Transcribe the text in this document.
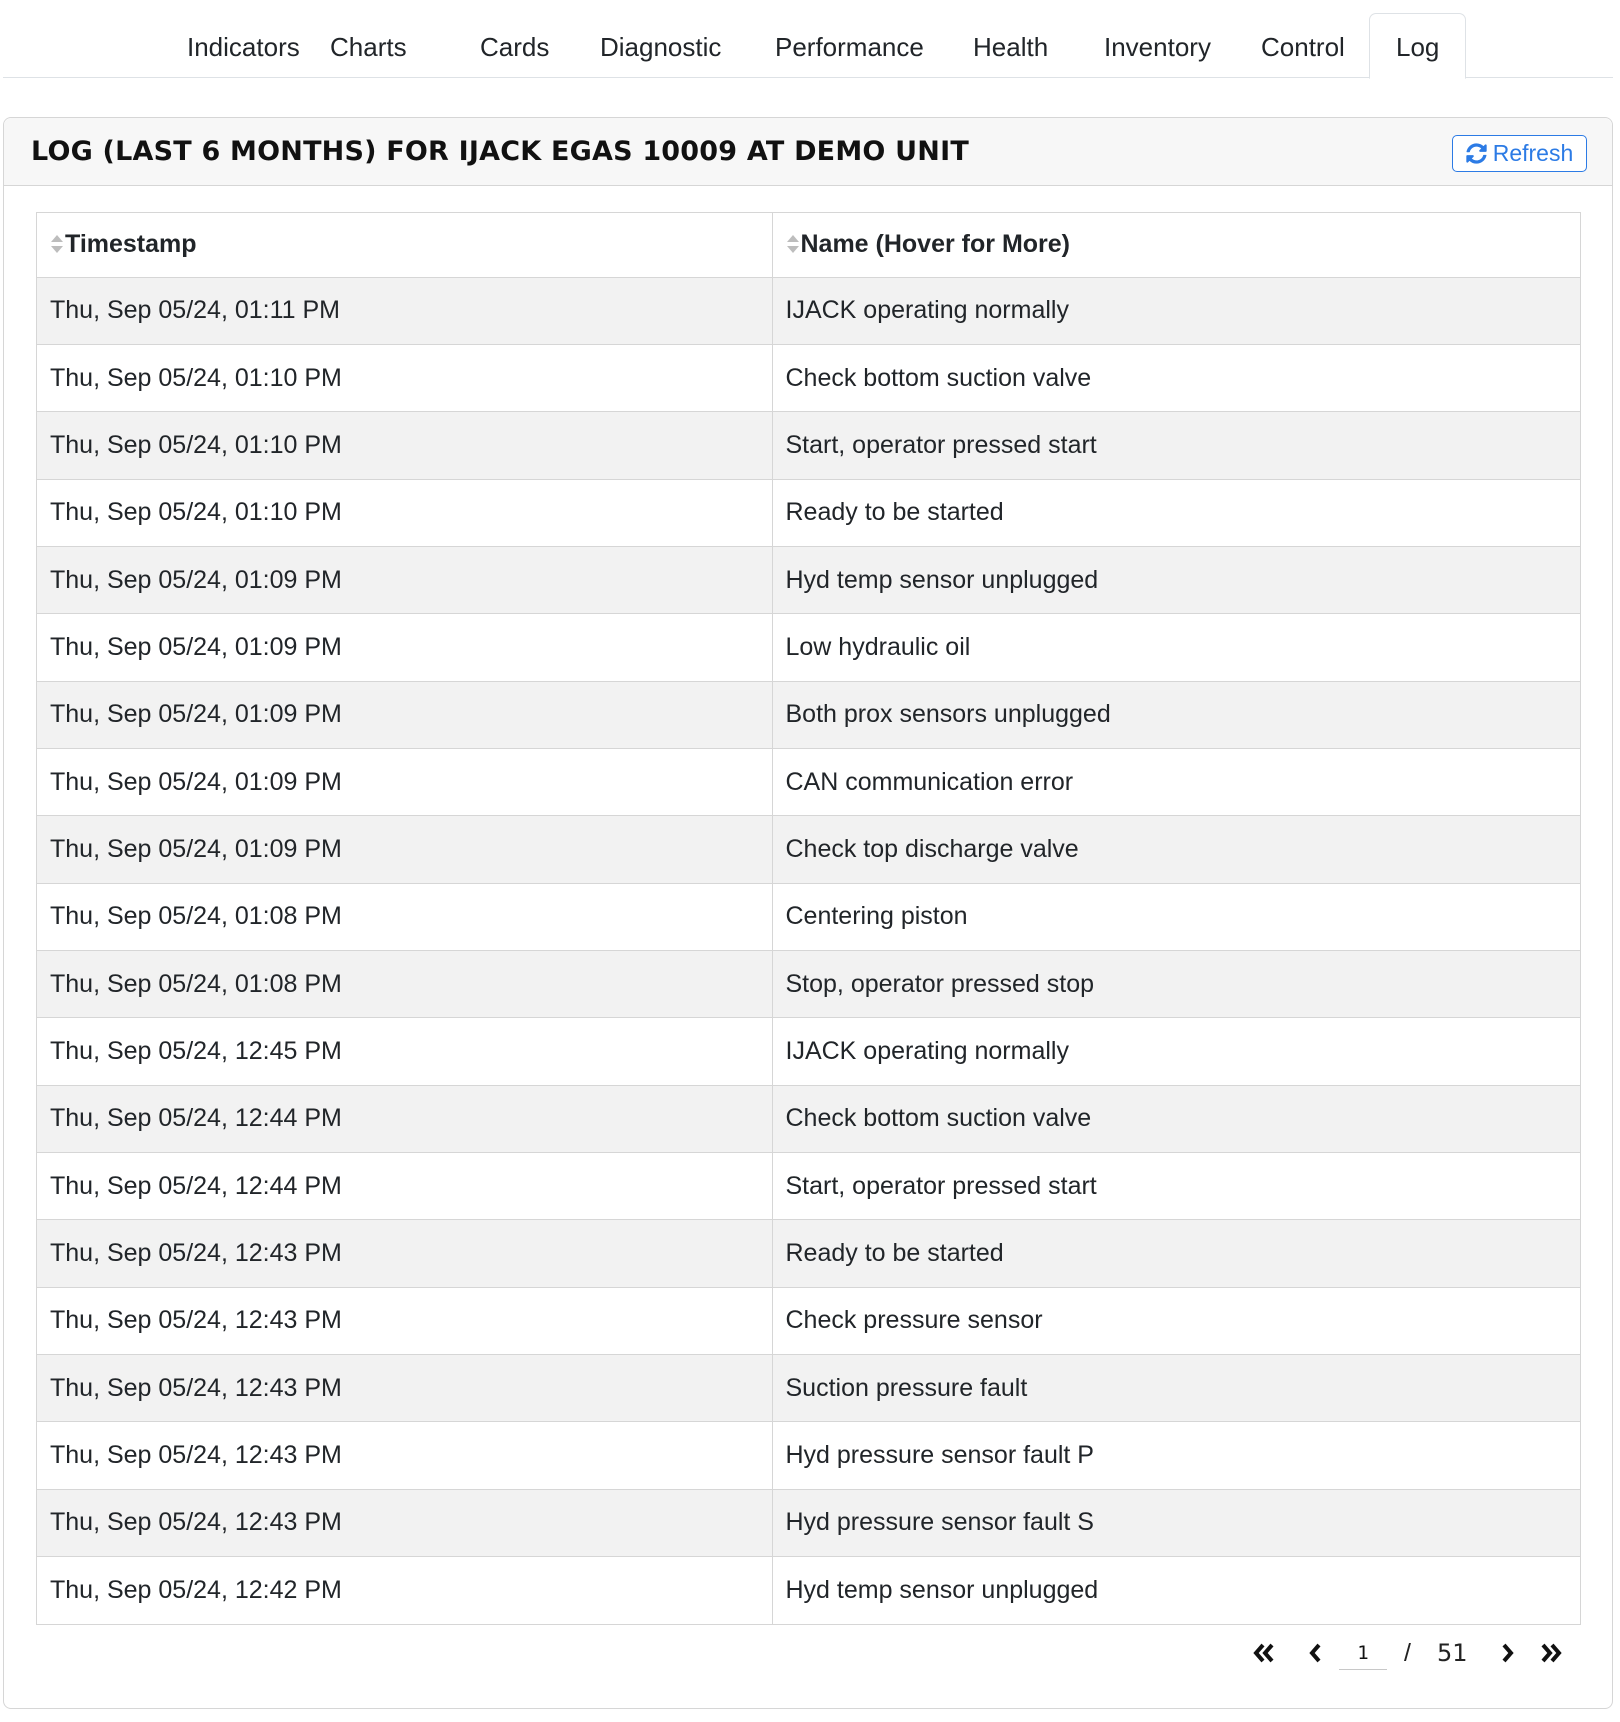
Indicators	Charts	Cards	Diagnostic	Performance	Health	Inventory	Control	Log
LOG (LAST 6 MONTHS) FOR IJACK EGAS 10009 AT DEMO UNIT	Refresh
Timestamp	Name (Hover for More)
Thu, Sep 05/24, 01:11 PM	IJACK operating normally
Thu, Sep 05/24, 01:10 PM	Check bottom suction valve
Thu, Sep 05/24, 01:10 PM	Start, operator pressed start
Thu, Sep 05/24, 01:10 PM	Ready to be started
Thu, Sep 05/24, 01:09 PM	Hyd temp sensor unplugged
Thu, Sep 05/24, 01:09 PM	Low hydraulic oil
Thu, Sep 05/24, 01:09 PM	Both prox sensors unplugged
Thu, Sep 05/24, 01:09 PM	CAN communication error
Thu, Sep 05/24, 01:09 PM	Check top discharge valve
Thu, Sep 05/24, 01:08 PM	Centering piston
Thu, Sep 05/24, 01:08 PM	Stop, operator pressed stop
Thu, Sep 05/24, 12:45 PM	IJACK operating normally
Thu, Sep 05/24, 12:44 PM	Check bottom suction valve
Thu, Sep 05/24, 12:44 PM	Start, operator pressed start
Thu, Sep 05/24, 12:43 PM	Ready to be started
Thu, Sep 05/24, 12:43 PM	Check pressure sensor
Thu, Sep 05/24, 12:43 PM	Suction pressure fault
Thu, Sep 05/24, 12:43 PM	Hyd pressure sensor fault P
Thu, Sep 05/24, 12:43 PM	Hyd pressure sensor fault S
Thu, Sep 05/24, 12:42 PM	Hyd temp sensor unplugged
1
/ 51
